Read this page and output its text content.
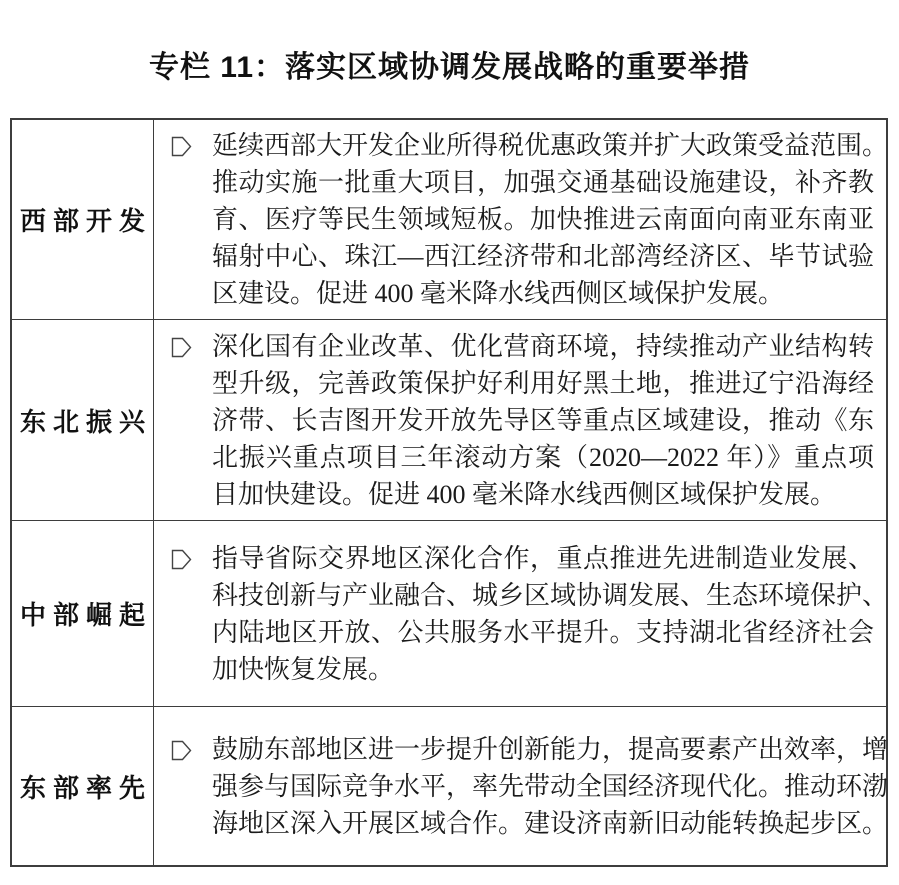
专栏 11：落实区域协调发展战略的重要举措
西部开发
延续西部大开发企业所得税优惠政策并扩大政策受益范围。
推动实施一批重大项目，加强交通基础设施建设，补齐教
育、医疗等民生领域短板。加快推进云南面向南亚东南亚
辐射中心、珠江—西江经济带和北部湾经济区、毕节试验
区建设。促进 400 毫米降水线西侧区域保护发展。
东北振兴
深化国有企业改革、优化营商环境，持续推动产业结构转
型升级，完善政策保护好利用好黑土地，推进辽宁沿海经
济带、长吉图开发开放先导区等重点区域建设，推动《东
北振兴重点项目三年滚动方案（2020—2022 年）》重点项
目加快建设。促进 400 毫米降水线西侧区域保护发展。
中部崛起
指导省际交界地区深化合作，重点推进先进制造业发展、
科技创新与产业融合、城乡区域协调发展、生态环境保护、
内陆地区开放、公共服务水平提升。支持湖北省经济社会
加快恢复发展。
东部率先
鼓励东部地区进一步提升创新能力，提高要素产出效率，增
强参与国际竞争水平，率先带动全国经济现代化。推动环渤
海地区深入开展区域合作。建设济南新旧动能转换起步区。
